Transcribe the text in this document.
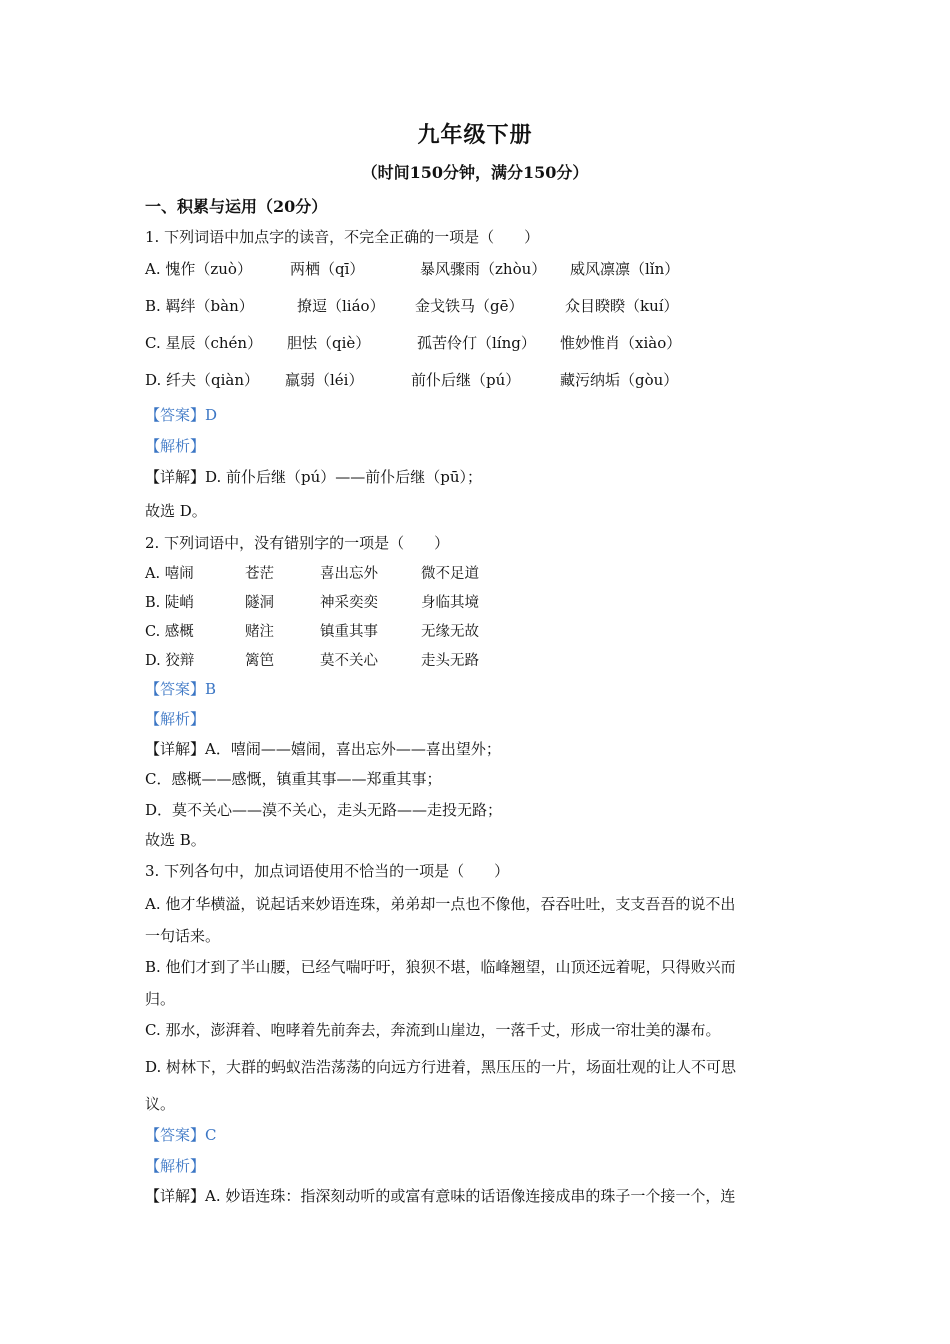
九年级下册
（时间150分钟，满分150分）
一、积累与运用（20分）
1. 下列词语中加点字的读音，不完全正确的一项是（　　）
A. 愧作（zuò）	两栖（qī）	暴风骤雨（zhòu） 威风凛凛（lǐn）
B. 羁绊（bàn）	撩逗（liáo） 金戈铁马（gē）	众目睽睽（kuí）
C. 星辰（chén） 胆怯（qiè）	孤苦伶仃（líng） 惟妙惟肖（xiào）
D. 纤夫（qiàn） 羸弱（léi）	前仆后继（pú）	藏污纳垢（gòu）
【答案】D
【解析】
【详解】D. 前仆后继（pú）——前仆后继（pū）；
故选 D。
2. 下列词语中，没有错别字的一项是（　　）
A. 嘻闹	苍茫	喜出忘外	微不足道
B. 陡峭	隧洞	神采奕奕	身临其境
C. 感概	赌注	镇重其事	无缘无故
D. 狡辩	篱笆	莫不关心	走头无路
【答案】B
【解析】
【详解】A．嘻闹——嬉闹，喜出忘外——喜出望外；
C．感概——感慨，镇重其事——郑重其事；
D．莫不关心——漠不关心，走头无路——走投无路；
故选 B。
3. 下列各句中，加点词语使用不恰当的一项是（　　）
A. 他才华横溢，说起话来妙语连珠，弟弟却一点也不像他，吞吞吐吐，支支吾吾的说不出
一句话来。
B. 他们才到了半山腰，已经气喘吁吁，狼狈不堪，临峰翘望，山顶还远着呢，只得败兴而
归。
C. 那水，澎湃着、咆哮着先前奔去，奔流到山崖边，一落千丈，形成一帘壮美的瀑布。
D. 树林下，大群的蚂蚁浩浩荡荡的向远方行进着，黑压压的一片，场面壮观的让人不可思
议。
【答案】C
【解析】
【详解】A. 妙语连珠：指深刻动听的或富有意味的话语像连接成串的珠子一个接一个，连
